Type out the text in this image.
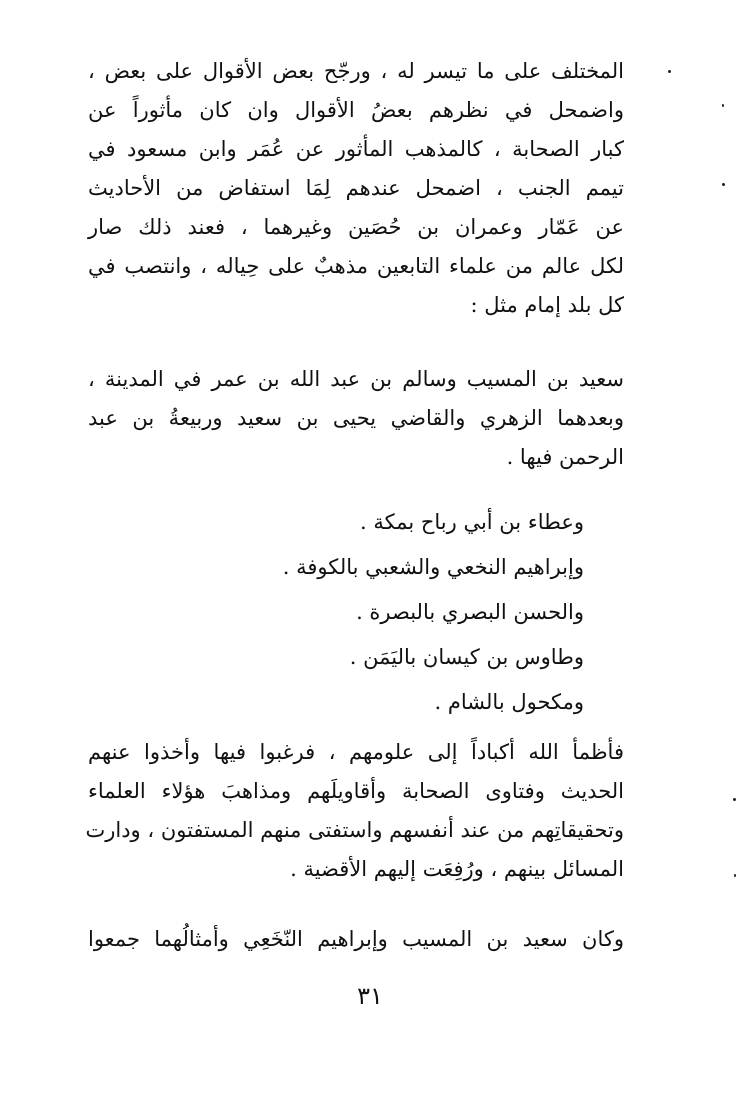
المختلف على ما تيسر له ، ورجّح بعض الأقوال على بعض ،
واضمحل في نظرهم بعضُ الأقوال وان كان مأثوراً عن
كبار الصحابة ، كالمذهب المأثور عن عُمَر وابن مسعود في
تيمم الجنب ، اضمحل عندهم لِمَا استفاض من الأحاديث
عن عَمّار وعمران بن حُصَين وغيرهما ، فعند ذلك صار
لكل عالم من علماء التابعين مذهبٌ على حِياله ، وانتصب في
كل بلد إمام مثل :
سعيد بن المسيب وسالم بن عبد الله بن عمر في المدينة ،
وبعدهما الزهري والقاضي يحيى بن سعيد وربيعةُ بن عبد
الرحمن فيها .
وعطاء بن أبي رباح بمكة .
وإبراهيم النخعي والشعبي بالكوفة .
والحسن البصري بالبصرة .
وطاوس بن كيسان باليَمَن .
ومكحول بالشام .
فأظمأ الله أكباداً إلى علومهم ، فرغبوا فيها وأخذوا عنهم
الحديث وفتاوى الصحابة وأقاويلَهم ومذاهبَ هؤلاء العلماء
وتحقيقاتِهم من عند أنفسهم واستفتى منهم المستفتون ، ودارت
المسائل بينهم ، ورُفِعَت إليهم الأقضية .
وكان سعيد بن المسيب وإبراهيم النّخَعِي وأمثالُهما جمعوا
٣١
